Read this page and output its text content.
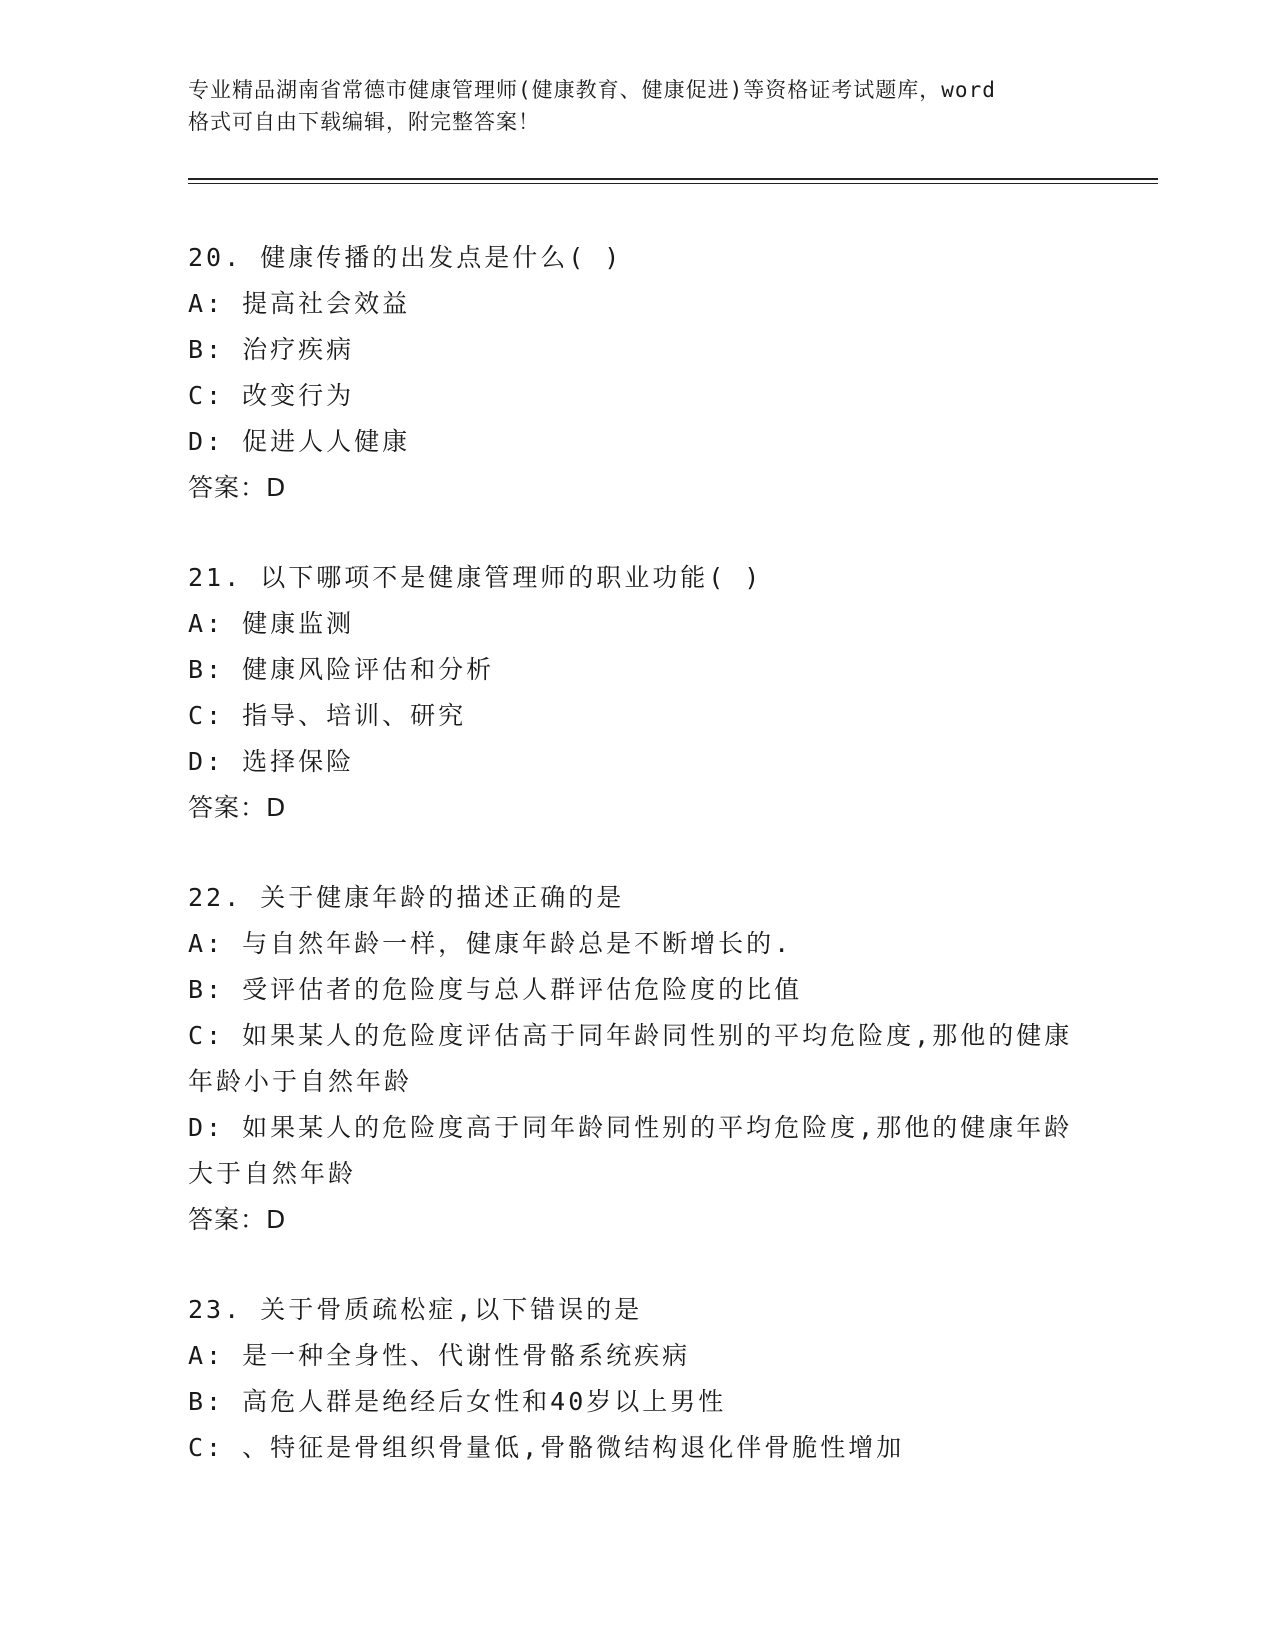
专业精品湖南省常德市健康管理师(健康教育、健康促进)等资格证考试题库，word
格式可自由下载编辑，附完整答案！
20. 健康传播的出发点是什么( )
A: 提高社会效益
B: 治疗疾病
C: 改变行为
D: 促进人人健康
答案：D
21. 以下哪项不是健康管理师的职业功能( )
A: 健康监测
B: 健康风险评估和分析
C: 指导、培训、研究
D: 选择保险
答案：D
22. 关于健康年龄的描述正确的是
A: 与自然年龄一样，健康年龄总是不断增长的.
B: 受评估者的危险度与总人群评估危险度的比值
C: 如果某人的危险度评估高于同年龄同性别的平均危险度,那他的健康年龄小于自然年龄
D: 如果某人的危险度高于同年龄同性别的平均危险度,那他的健康年龄大于自然年龄
答案：D
23. 关于骨质疏松症,以下错误的是
A: 是一种全身性、代谢性骨骼系统疾病
B: 高危人群是绝经后女性和40岁以上男性
C: 、特征是骨组织骨量低,骨骼微结构退化伴骨脆性增加
